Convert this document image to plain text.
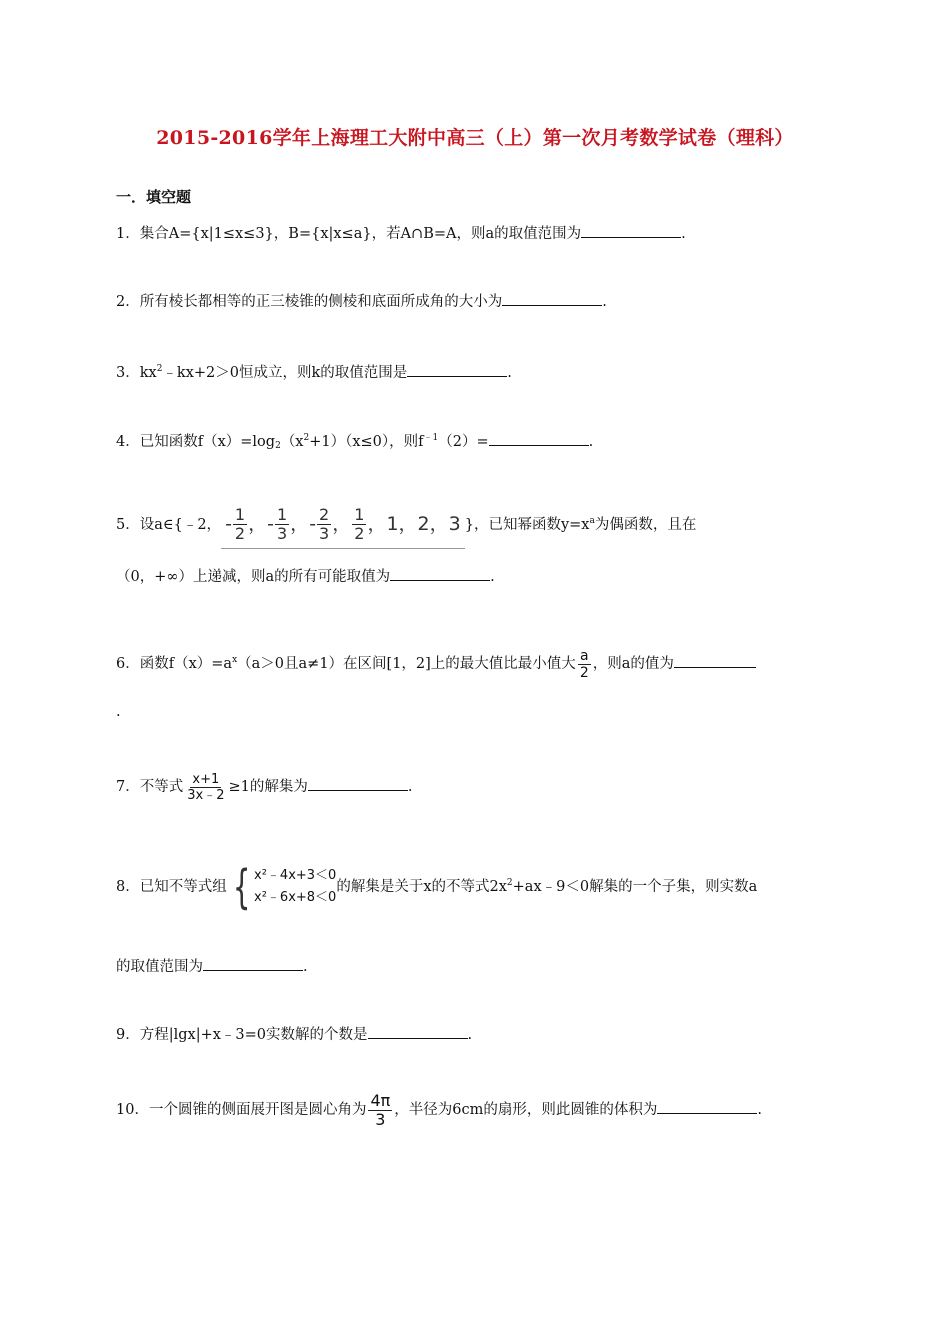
2015-2016学年上海理工大附中高三（上）第一次月考数学试卷（理科）
一．填空题
1．集合A={x|1≤x≤3}，B={x|x≤a}，若A∩B=A，则a的取值范围为	.
2．所有棱长都相等的正三棱锥的侧棱和底面所成角的大小为	.
3．$kx^2﹣kx+2>0$恒成立，则k的取值范围是	.
4．已知函数$f(x)=\log_2(x^2+1)(x\le 0)$，则$f^{﹣1}(2)=$	.
5．设a∈{﹣2， - $\frac{1}{2}$ ，- $\frac{1}{3}$ ，- $\frac{2}{3}$ ， $\frac{1}{2}$ ，1，2，3 }，已知幂函数$y=x^a$为偶函数，且在
（0，+∞）上递减，则a的所有可能取值为	.
6．函数$f(x)=a^x(a>0$且a≠1）在区间[1，2]上的最大值比最小值大 $\frac{a}{2}$ ，则a的值为
.
7．不等式 $\frac{x+1}{3x﹣2} \ge 1$的解集为	.
8．已知不等式组 { x²﹣4x+3＜0
x²﹣6x+8＜0
的解集是关于x的不等式$2x^2+ax﹣9<0$解集的一个子集，则实数a
的取值范围为	.
9．方程|lgx|+x﹣3=0实数解的个数是	.
10．一个圆锥的侧面展开图是圆心角为 $\frac{4\pi}{3}$ ，半径为6cm的扇形，则此圆锥的体积为	.
